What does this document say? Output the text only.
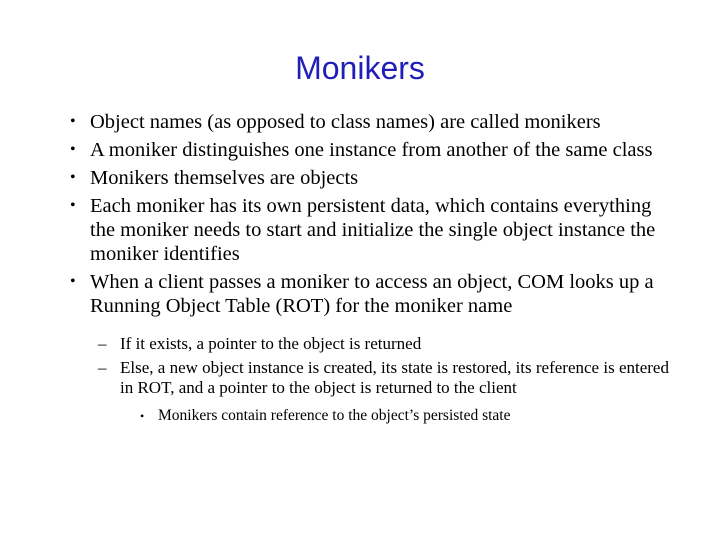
Monikers
• Object names (as opposed to class names) are called monikers
• A moniker distinguishes one instance from another of the same class
• Monikers themselves are objects
• Each moniker has its own persistent data, which contains everything the moniker needs to start and initialize the single object instance the moniker identifies
• When a client passes a moniker to access an object, COM looks up a Running Object Table (ROT) for the moniker name
– If it exists, a pointer to the object is returned
– Else, a new object instance is created, its state is restored, its reference is entered in ROT, and a pointer to the object is returned to the client
• Monikers contain reference to the object’s persisted state
